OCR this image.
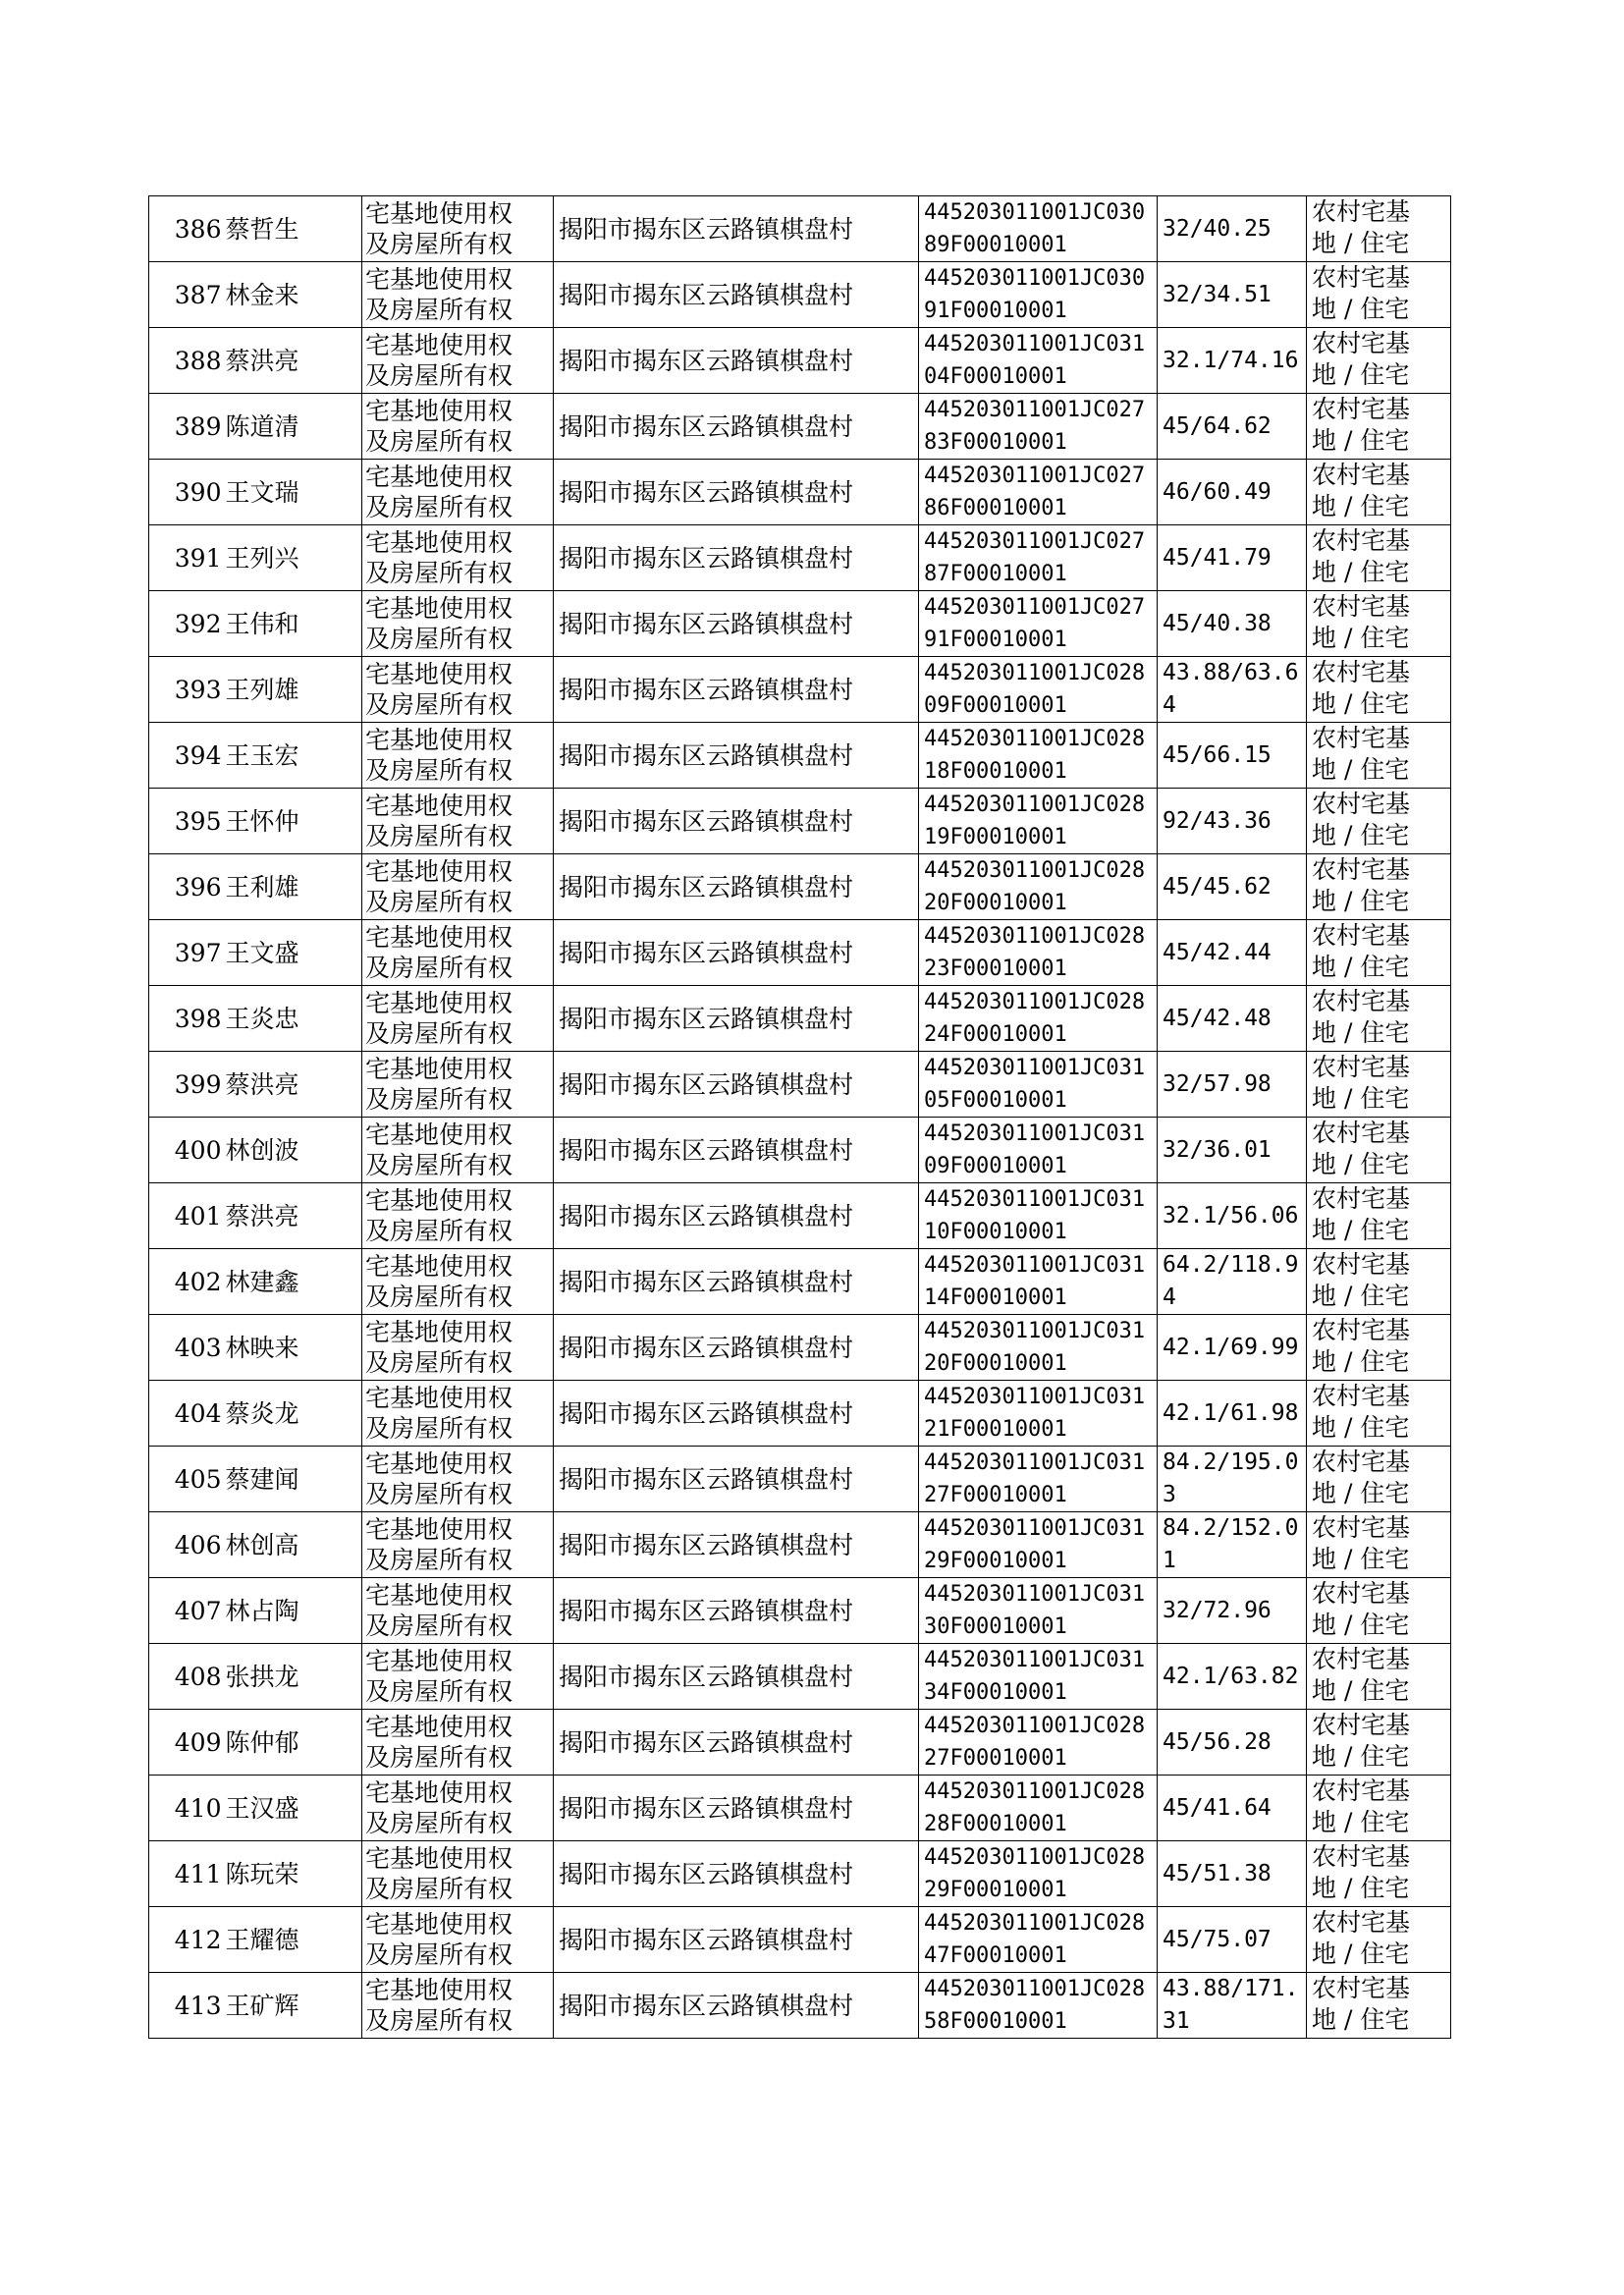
386	蔡哲生	宅基地使用权
及房屋所有权	揭阳市揭东区云路镇棋盘村	445203011001JC03089F00010001	32/40.25	农村宅基
地 / 住宅

387	林金来	宅基地使用权
及房屋所有权	揭阳市揭东区云路镇棋盘村	445203011001JC03091F00010001	32/34.51	农村宅基
地 / 住宅

388	蔡洪亮	宅基地使用权
及房屋所有权	揭阳市揭东区云路镇棋盘村	445203011001JC03104F00010001	32.1/74.16	农村宅基
地 / 住宅

389	陈道清	宅基地使用权
及房屋所有权	揭阳市揭东区云路镇棋盘村	445203011001JC02783F00010001	45/64.62	农村宅基
地 / 住宅

390	王文瑞	宅基地使用权
及房屋所有权	揭阳市揭东区云路镇棋盘村	445203011001JC02786F00010001	46/60.49	农村宅基
地 / 住宅

391	王列兴	宅基地使用权
及房屋所有权	揭阳市揭东区云路镇棋盘村	445203011001JC02787F00010001	45/41.79	农村宅基
地 / 住宅

392	王伟和	宅基地使用权
及房屋所有权	揭阳市揭东区云路镇棋盘村	445203011001JC02791F00010001	45/40.38	农村宅基
地 / 住宅

393	王列雄	宅基地使用权
及房屋所有权	揭阳市揭东区云路镇棋盘村	445203011001JC02809F00010001	43.88/63.64	农村宅基
地 / 住宅

394	王玉宏	宅基地使用权
及房屋所有权	揭阳市揭东区云路镇棋盘村	445203011001JC02818F00010001	45/66.15	农村宅基
地 / 住宅

395	王怀仲	宅基地使用权
及房屋所有权	揭阳市揭东区云路镇棋盘村	445203011001JC02819F00010001	92/43.36	农村宅基
地 / 住宅

396	王利雄	宅基地使用权
及房屋所有权	揭阳市揭东区云路镇棋盘村	445203011001JC02820F00010001	45/45.62	农村宅基
地 / 住宅

397	王文盛	宅基地使用权
及房屋所有权	揭阳市揭东区云路镇棋盘村	445203011001JC02823F00010001	45/42.44	农村宅基
地 / 住宅

398	王炎忠	宅基地使用权
及房屋所有权	揭阳市揭东区云路镇棋盘村	445203011001JC02824F00010001	45/42.48	农村宅基
地 / 住宅

399	蔡洪亮	宅基地使用权
及房屋所有权	揭阳市揭东区云路镇棋盘村	445203011001JC03105F00010001	32/57.98	农村宅基
地 / 住宅

400	林创波	宅基地使用权
及房屋所有权	揭阳市揭东区云路镇棋盘村	445203011001JC03109F00010001	32/36.01	农村宅基
地 / 住宅

401	蔡洪亮	宅基地使用权
及房屋所有权	揭阳市揭东区云路镇棋盘村	445203011001JC03110F00010001	32.1/56.06	农村宅基
地 / 住宅

402	林建鑫	宅基地使用权
及房屋所有权	揭阳市揭东区云路镇棋盘村	445203011001JC03114F00010001	64.2/118.94	农村宅基
地 / 住宅

403	林映来	宅基地使用权
及房屋所有权	揭阳市揭东区云路镇棋盘村	445203011001JC03120F00010001	42.1/69.99	农村宅基
地 / 住宅

404	蔡炎龙	宅基地使用权
及房屋所有权	揭阳市揭东区云路镇棋盘村	445203011001JC03121F00010001	42.1/61.98	农村宅基
地 / 住宅

405	蔡建闻	宅基地使用权
及房屋所有权	揭阳市揭东区云路镇棋盘村	445203011001JC03127F00010001	84.2/195.03	农村宅基
地 / 住宅

406	林创高	宅基地使用权
及房屋所有权	揭阳市揭东区云路镇棋盘村	445203011001JC03129F00010001	84.2/152.01	农村宅基
地 / 住宅

407	林占陶	宅基地使用权
及房屋所有权	揭阳市揭东区云路镇棋盘村	445203011001JC03130F00010001	32/72.96	农村宅基
地 / 住宅

408	张拱龙	宅基地使用权
及房屋所有权	揭阳市揭东区云路镇棋盘村	445203011001JC03134F00010001	42.1/63.82	农村宅基
地 / 住宅

409	陈仲郁	宅基地使用权
及房屋所有权	揭阳市揭东区云路镇棋盘村	445203011001JC02827F00010001	45/56.28	农村宅基
地 / 住宅

410	王汉盛	宅基地使用权
及房屋所有权	揭阳市揭东区云路镇棋盘村	445203011001JC02828F00010001	45/41.64	农村宅基
地 / 住宅

411	陈玩荣	宅基地使用权
及房屋所有权	揭阳市揭东区云路镇棋盘村	445203011001JC02829F00010001	45/51.38	农村宅基
地 / 住宅

412	王耀德	宅基地使用权
及房屋所有权	揭阳市揭东区云路镇棋盘村	445203011001JC02847F00010001	45/75.07	农村宅基
地 / 住宅

413	王矿辉	宅基地使用权
及房屋所有权	揭阳市揭东区云路镇棋盘村	445203011001JC02858F00010001	43.88/171.31	农村宅基
地 / 住宅
